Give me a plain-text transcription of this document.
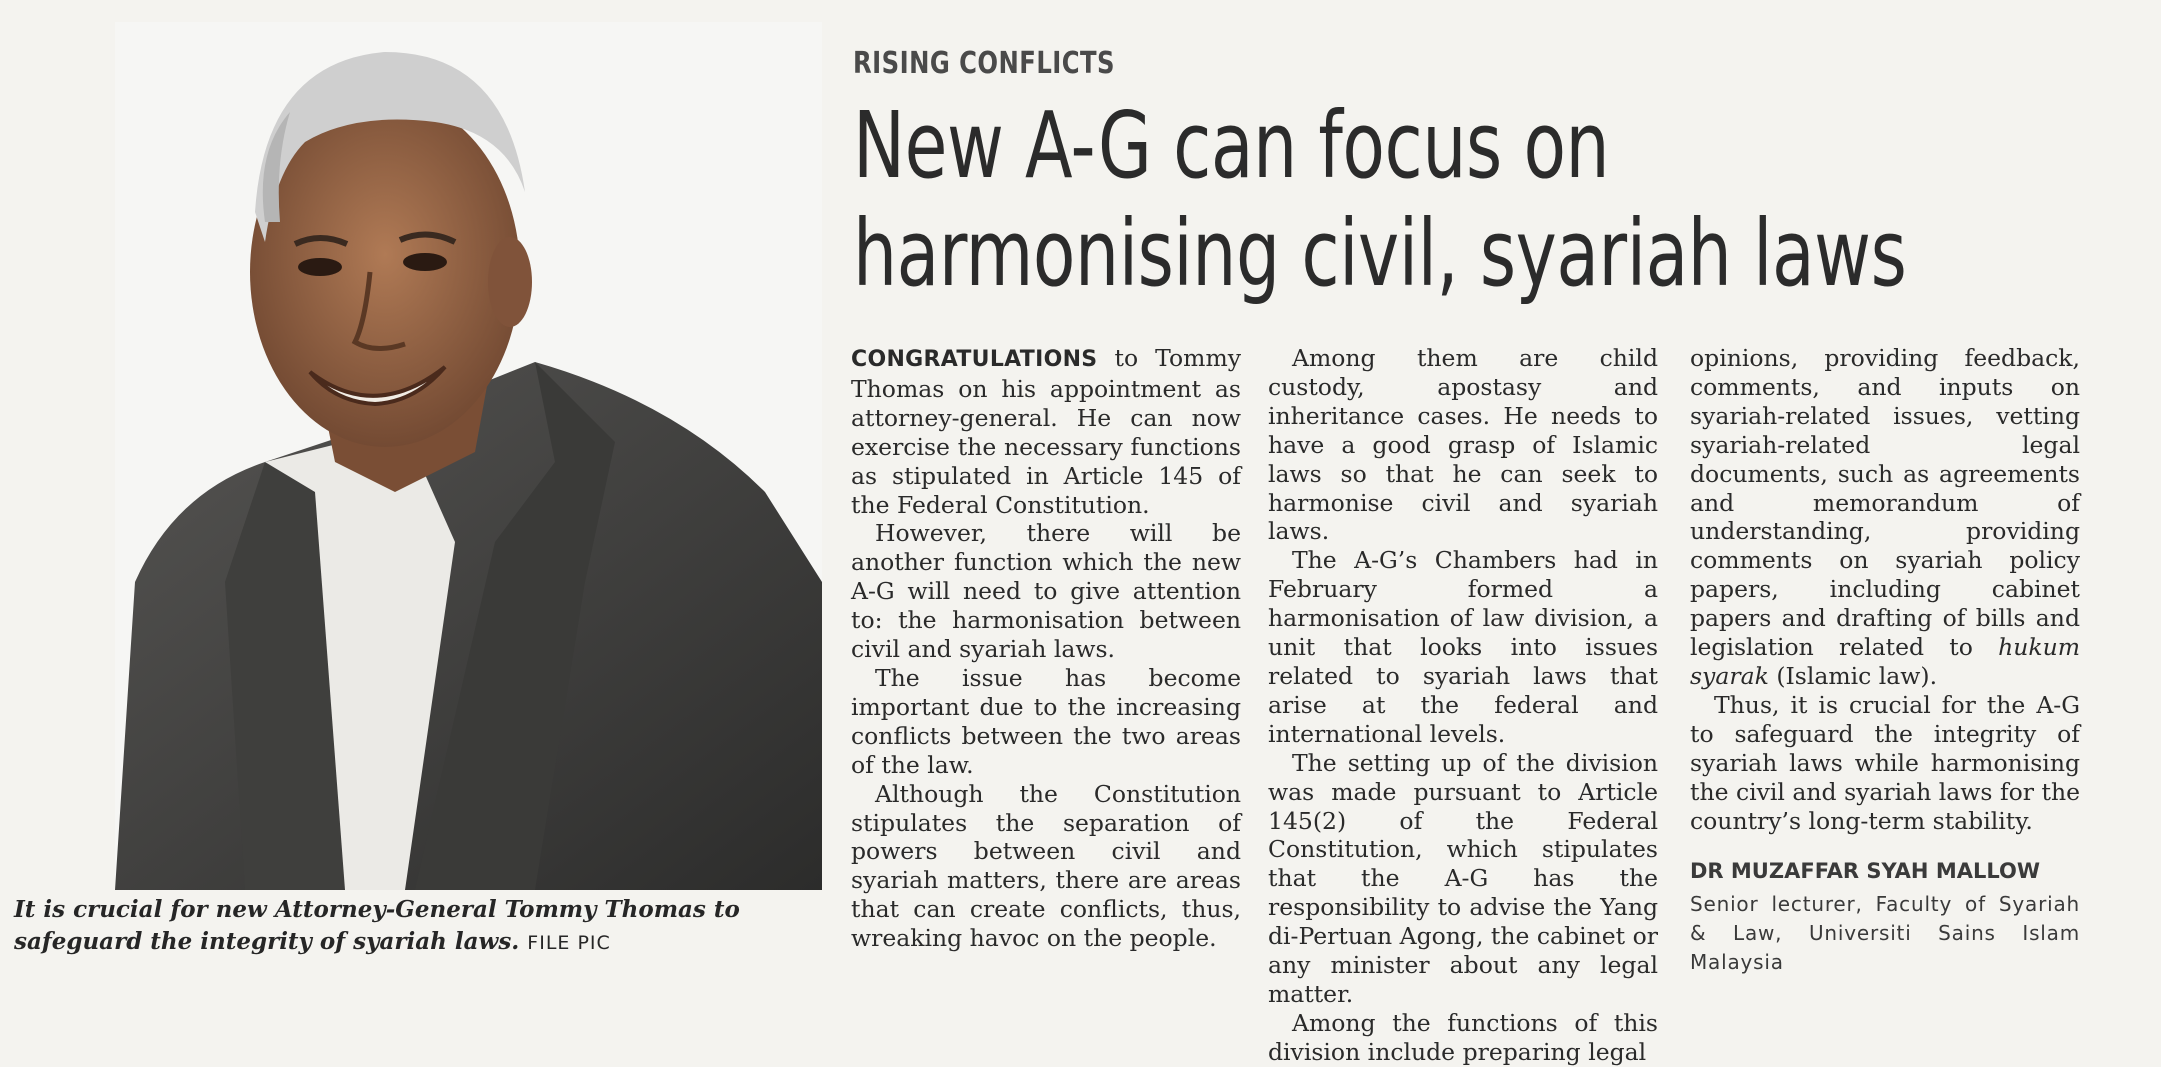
It is crucial for new Attorney-General Tommy Thomas to safeguard the integrity of syariah laws. FILE PIC
RISING CONFLICTS
New A-G can focus on
harmonising civil, syariah laws

CONGRATULATIONS to Tommy Thomas on his appointment as attorney-general. He can now exercise the necessary functions as stipulated in Article 145 of the Federal Constitution.

However, there will be another function which the new A-G will need to give attention to: the harmonisation between civil and syariah laws.

The issue has become important due to the increasing conflicts between the two areas of the law.

Although the Constitution stipulates the separation of powers between civil and syariah matters, there are areas that can create conflicts, thus, wreaking havoc on the people.

Among them are child custody, apostasy and inheritance cases. He needs to have a good grasp of Islamic laws so that he can seek to harmonise civil and syariah laws.

The A-G’s Chambers had in February formed a harmonisation of law division, a unit that looks into issues related to syariah laws that arise at the federal and international levels.

The setting up of the division was made pursuant to Article 145(2) of the Federal Constitution, which stipulates that the A-G has the responsibility to advise the Yang di-Pertuan Agong, the cabinet or any minister about any legal matter.

Among the functions of this division include preparing legal

opinions, providing feedback, comments, and inputs on syariah-related issues, vetting syariah-related legal documents, such as agreements and memorandum of understanding, providing comments on syariah policy papers, including cabinet papers and drafting of bills and legislation related to hukum syarak (Islamic law).

Thus, it is crucial for the A-G to safeguard the integrity of syariah laws while harmonising the civil and syariah laws for the country’s long-term stability.

DR MUZAFFAR SYAH MALLOW
Senior lecturer, Faculty of Syariah & Law, Universiti Sains Islam Malaysia
